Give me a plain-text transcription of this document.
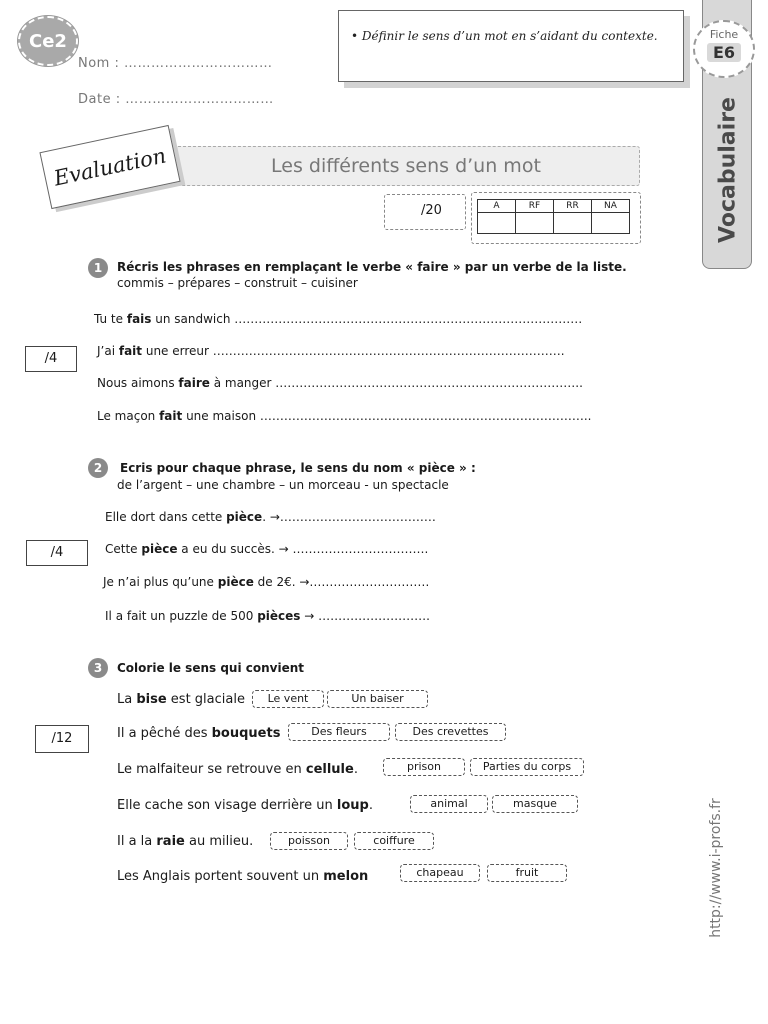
Ce2
Nom : ……………………………
Date : ……………………………
• Définir le sens d’un mot en s’aidant du contexte.
Vocabulaire
Fiche
E6
Les différents sens d’un mot
Evaluation
/20	A	RF	RR	NA

1	Récris les phrases en remplaçant le verbe « faire » par un verbe de la liste.
commis – prépares – construit – cuisiner
/4
Tu te fais un sandwich ……………………………………………………………………………
J’ai fait une erreur …………………………………………………………………………….
Nous aimons faire à manger …………………………………………………………………..
Le maçon fait une maison ………………………………………………………………………..
2	Ecris pour chaque phrase, le sens du nom « pièce » :
de l’argent – une chambre – un morceau - un spectacle
/4
Elle dort dans cette pièce. →…………………………………
Cette pièce a eu du succès. → …………………………….
Je n’ai plus qu’une pièce de 2€. →…………………………
Il a fait un puzzle de 500 pièces → ……………………….
3	Colorie le sens qui convient
/12
La bise est glaciale	Le vent	Un baiser
Il a pêché des bouquets	Des fleurs	Des crevettes
Le malfaiteur se retrouve en cellule.	prison	Parties du corps
Elle cache son visage derrière un loup.	animal	masque
Il a la raie au milieu.	poisson	coiffure
Les Anglais portent souvent un melon	chapeau	fruit	http://www.i-profs.fr
